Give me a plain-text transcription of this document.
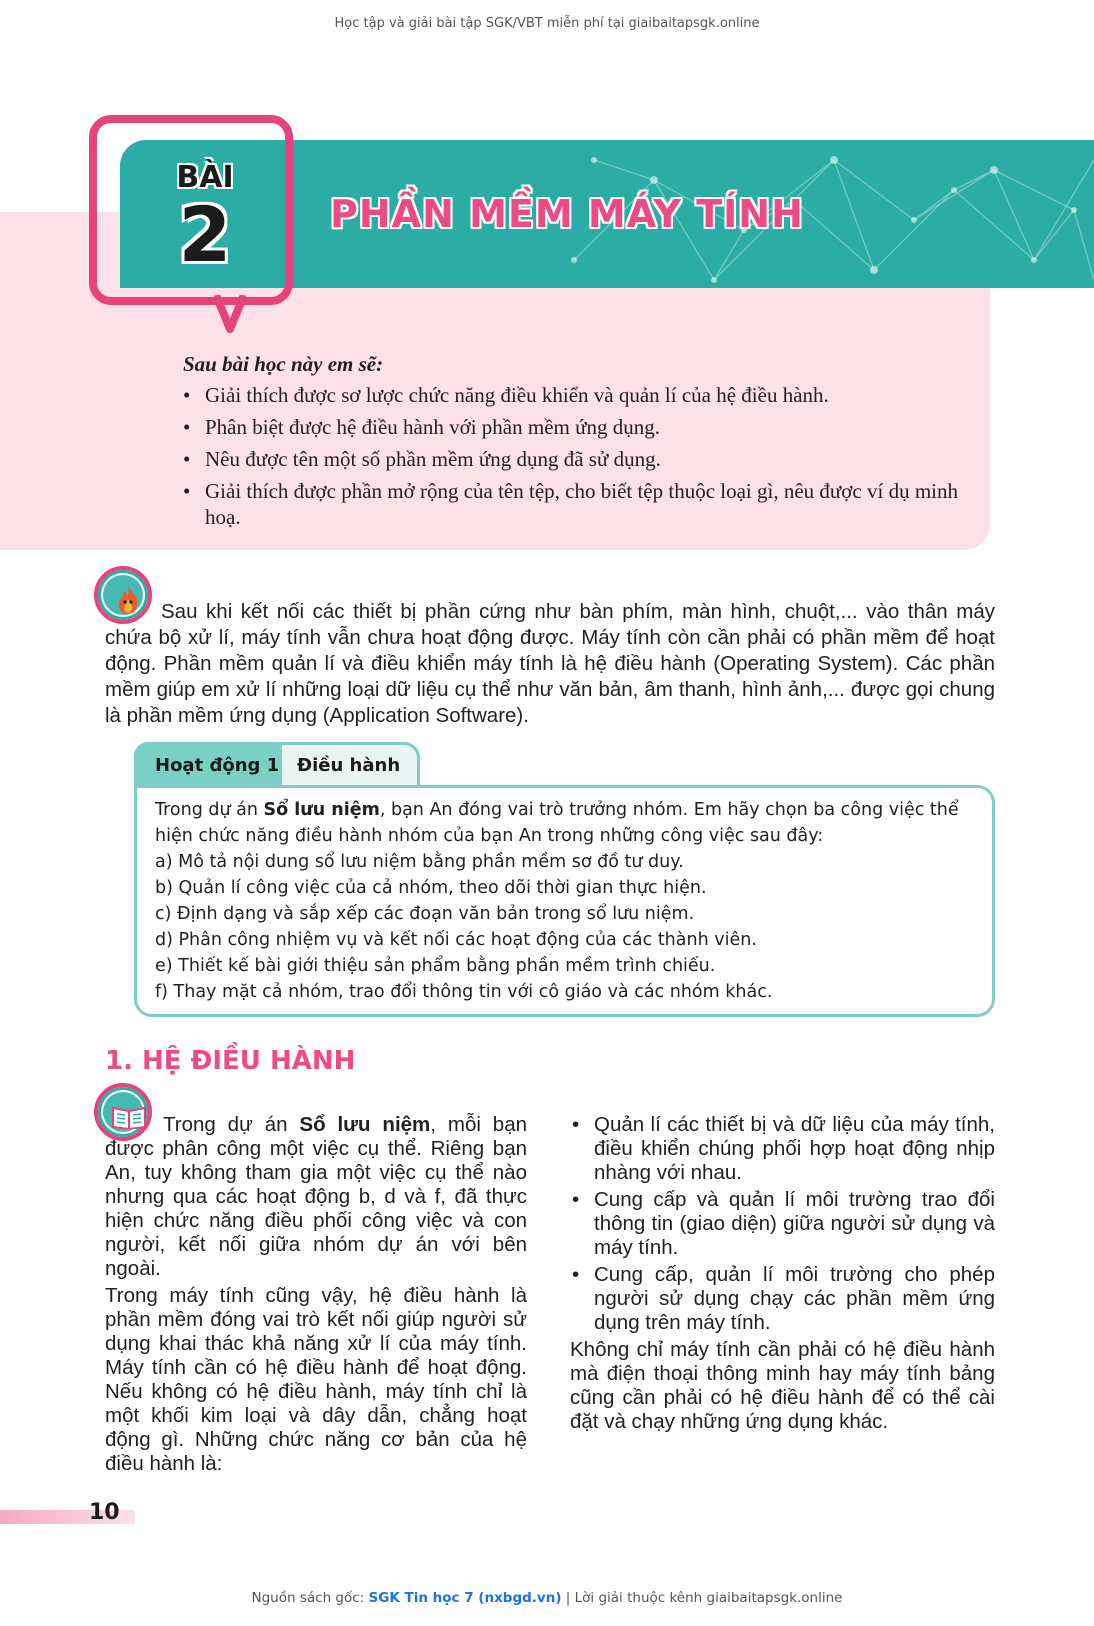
Học tập và giải bài tập SGK/VBT miễn phí tại giaibaitapsgk.online
BÀI
2	PHẦN MỀM MÁY TÍNH
Sau bài học này em sẽ:
• Giải thích được sơ lược chức năng điều khiển và quản lí của hệ điều hành.
• Phân biệt được hệ điều hành với phần mềm ứng dụng.
• Nêu được tên một số phần mềm ứng dụng đã sử dụng.
• Giải thích được phần mở rộng của tên tệp, cho biết tệp thuộc loại gì, nêu được ví dụ minh hoạ.

Sau khi kết nối các thiết bị phần cứng như bàn phím, màn hình, chuột,... vào thân máy chứa bộ xử lí, máy tính vẫn chưa hoạt động được. Máy tính còn cần phải có phần mềm để hoạt động. Phần mềm quản lí và điều khiển máy tính là hệ điều hành (Operating System). Các phần mềm giúp em xử lí những loại dữ liệu cụ thể như văn bản, âm thanh, hình ảnh,... được gọi chung là phần mềm ứng dụng (Application Software).

Hoạt động 1 Điều hành

Trong dự án Sổ lưu niệm, bạn An đóng vai trò trưởng nhóm. Em hãy chọn ba công việc thể hiện chức năng điều hành nhóm của bạn An trong những công việc sau đây:

a) Mô tả nội dung sổ lưu niệm bằng phần mềm sơ đồ tư duy.

b) Quản lí công việc của cả nhóm, theo dõi thời gian thực hiện.

c) Định dạng và sắp xếp các đoạn văn bản trong sổ lưu niệm.

d) Phân công nhiệm vụ và kết nối các hoạt động của các thành viên.

e) Thiết kế bài giới thiệu sản phẩm bằng phần mềm trình chiếu.

f) Thay mặt cả nhóm, trao đổi thông tin với cô giáo và các nhóm khác.

1. HỆ ĐIỀU HÀNH

Trong dự án Sổ lưu niệm, mỗi bạn được phân công một việc cụ thể. Riêng bạn An, tuy không tham gia một việc cụ thể nào nhưng qua các hoạt động b, d và f, đã thực hiện chức năng điều phối công việc và con người, kết nối giữa nhóm dự án với bên ngoài.

Trong máy tính cũng vậy, hệ điều hành là phần mềm đóng vai trò kết nối giúp người sử dụng khai thác khả năng xử lí của máy tính. Máy tính cần có hệ điều hành để hoạt động. Nếu không có hệ điều hành, máy tính chỉ là một khối kim loại và dây dẫn, chẳng hoạt động gì. Những chức năng cơ bản của hệ điều hành là:

• Quản lí các thiết bị và dữ liệu của máy tính, điều khiển chúng phối hợp hoạt động nhịp nhàng với nhau.
• Cung cấp và quản lí môi trường trao đổi thông tin (giao diện) giữa người sử dụng và máy tính.
• Cung cấp, quản lí môi trường cho phép người sử dụng chạy các phần mềm ứng dụng trên máy tính.

Không chỉ máy tính cần phải có hệ điều hành mà điện thoại thông minh hay máy tính bảng cũng cần phải có hệ điều hành để có thể cài đặt và chạy những ứng dụng khác.

10
Nguồn sách gốc: SGK Tin học 7 (nxbgd.vn) | Lời giải thuộc kênh giaibaitapsgk.online
